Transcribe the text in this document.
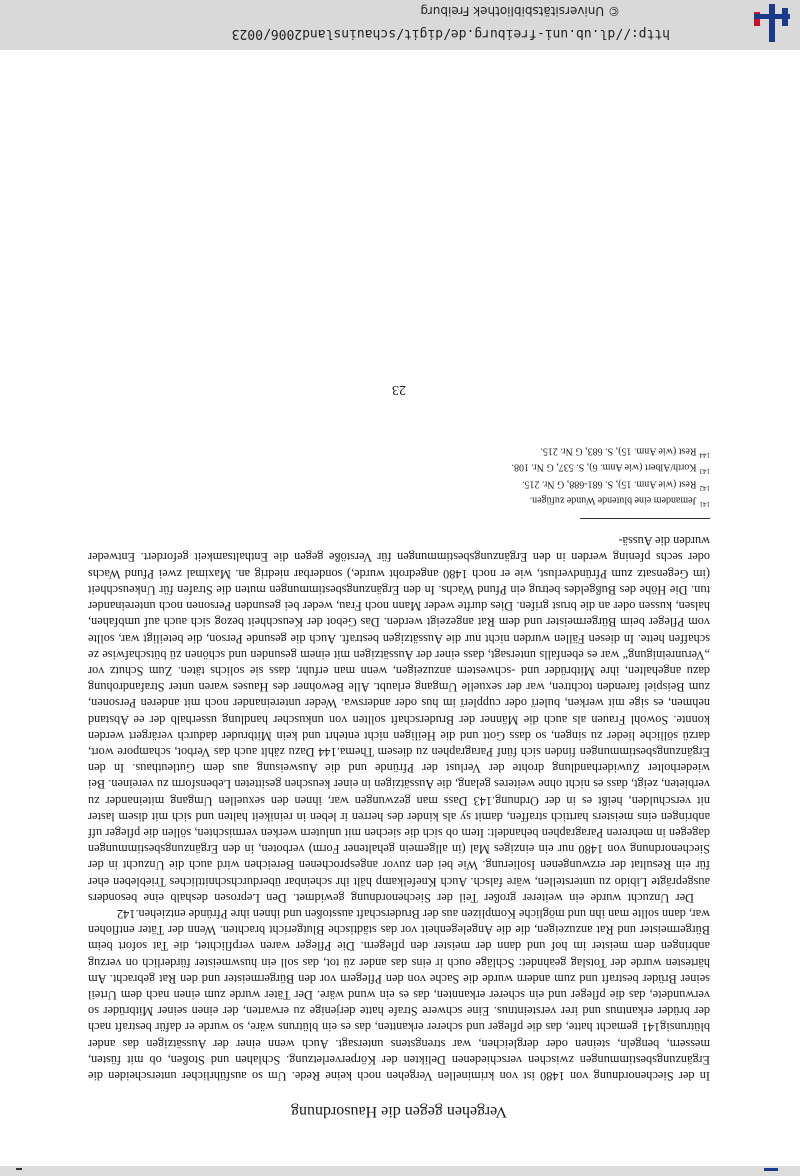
http://dl.ub.uni-freiburg.de/digit/schauinsland2006/0023
© Universitätsbibliothek Freiburg
Vergehen gegen die Hausordnung

In der Siechenordnung von 1480 ist von kriminellen Vergehen noch keine Rede. Um so ausführlicher unterscheiden die Ergänzungsbestimmungen zwischen verschiedenen Delikten der Körperverletzung. Schlahen und Stoßen, ob mit füsten, messern, bengeln, steinen oder dergleichen, war strengstens untersagt. Auch wenn einer der Aussätzigen das ander blütrunsig141 gemacht hatte, das die pfleger und scherer erkantten, das es ein blütruns wäre, so wurde er dafür bestraft nach der brüder erkantnus und irer versteintnus. Eine schwere Strafe hatte derjenige zu erwarten, der einen seiner Mitbrüder so verwundete, das die pfleger und ein scherer erkannten, das es ein wund wäre. Der Täter wurde zum einen nach dem Urteil seiner Brüder bestraft und zum andern wurde die Sache von den Pflegern vor den Bürgermeister und den Rat gebracht. Am härtesten wurde der Totslag geahndet: Schläge ouch ir eins das ander zü tot, das soll ein huswmeister fürderlich on verzug anbringen dem meister im hof und dann der meister den pflegern. Die Pfleger waren verpflichtet, die Tat sofort beim Bürgermeister und Rat anzuzeigen, die die Angelegenheit vor das städtische Blutgericht brachten. Wenn der Täter entflohen war, dann sollte man ihn und mögliche Komplizen aus der Bruderschaft ausstoßen und ihnen ihre Pfründe entziehen.142

Der Unzucht wurde ein weiterer großer Teil der Siechenordnung gewidmet. Den Leprosen deshalb eine besonders ausgeprägte Libido zu unterstellen, wäre falsch. Auch Knefelkamp hält ihr scheinbar überdurchschnittliches Triebleben eher für ein Resultat der erzwungenen Isolierung. Wie bei den zuvor angesprochenen Bereichen wird auch die Unzucht in der Siechenordnung von 1480 nur ein einziges Mal (in allgemein gehaltener Form) verboten, in den Ergänzungsbestimmungen dagegen in mehreren Paragraphen behandelt: Item ob sich die siechen mit unlutern werken vermischten, söllen die pfleger uff anbringen eins meisters harttich straffen, damit sy als kinder des herren ir leben in reinikeit halten und sich mit disem laster nit verschulden, heißt es in der Ordnung.143 Dass man gezwungen war, ihnen den sexuellen Umgang miteinander zu verbieten, zeigt, dass es nicht ohne weiteres gelang, die Aussätzigen in einer keuschen gesitteten Lebensform zu vereinen. Bei wiederholter Zuwiderhandlung drohte der Verlust der Pfründe und die Ausweisung aus dem Gutleuthaus. In den Ergänzungsbestimmungen finden sich fünf Paragraphen zu diesem Thema.144 Dazu zählt auch das Verbot, schampore wort, darzü sölliche lieder zu singen, so dass Gott und die Heiligen nicht entehrt und kein Mitbruder dadurch verärgert werden konnte. Sowohl Frauen als auch die Männer der Bruderschaft sollten von unkuscher handlung usserhalb der ee Abstand nehmen, es sige mit werken, bulerï oder cupplerï im hus oder anderswa. Weder untereinander noch mit anderen Personen, zum Beispiel farenden tochtren, war der sexuelle Umgang erlaubt. Alle Bewohner des Hauses waren unter Strafandrohung dazu angehalten, ihre Mitbrüder und -schwestern anzuzeigen, wenn man erfuhr, dass sie solichs täten. Zum Schutz vor „Verunreinigung“ war es ebenfalls untersagt, dass einer der Aussätzigen mit einem gesunden und schönen zü bütschafwise ze schaffen hette. In diesen Fällen wurden nicht nur die Aussätzigen bestraft. Auch die gesunde Person, die beteiligt war, sollte vom Pfleger beim Bürgermeister und dem Rat angezeigt werden. Das Gebot der Keuschheit bezog sich auch auf umbfahen, halsen, kussen oder an die brust grifen. Dies durfte weder Mann noch Frau, weder bei gesunden Personen noch untereinander tun. Die Höhe des Bußgeldes betrug ein Pfund Wachs. In den Ergänzungsbestimmungen muten die Strafen für Unkeuschheit (im Gegensatz zum Pfründverlust, wie er noch 1480 angedroht wurde,) sonderbar niedrig an. Maximal zwei Pfund Wachs oder sechs pfening werden in den Ergänzungsbestimmungen für Verstöße gegen die Enthaltsamkeit gefordert. Entweder wurden die Aussä-

$^{141}$Jemandem eine blutende Wunde zufügen.

$^{142}$Rest (wie Anm. 15), S. 681-688, G Nr. 215.

$^{143}$Korth/Albert (wie Anm. 6), S. 537, G Nr. 108.

$^{144}$Rest (wie Anm. 15), S. 683, G Nr. 215.

23
